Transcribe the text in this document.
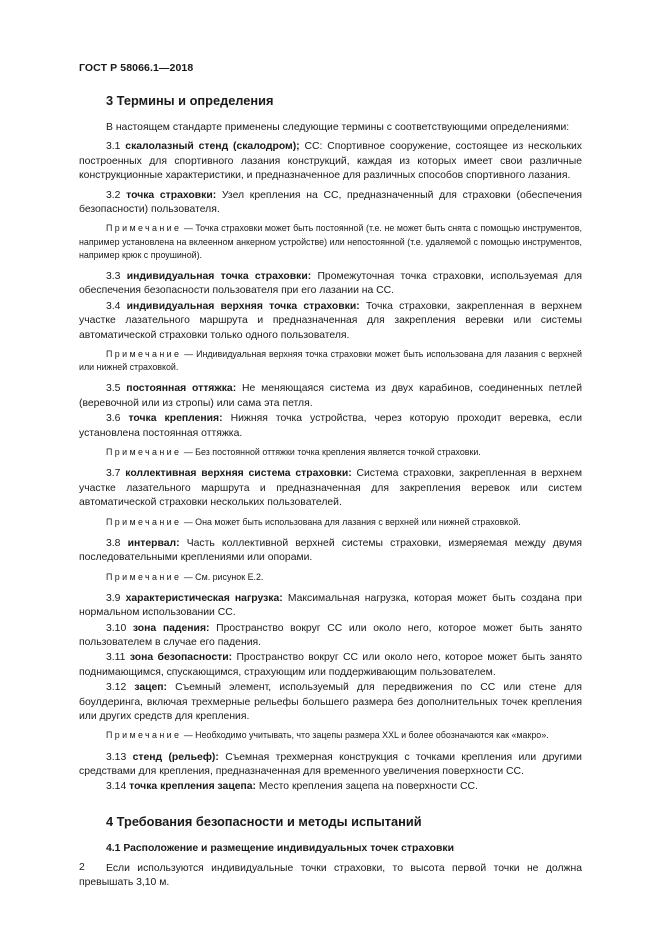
ГОСТ Р 58066.1—2018
3 Термины и определения

В настоящем стандарте применены следующие термины с соответствующими определениями:

3.1 скалолазный стенд (скалодром); СС: Спортивное сооружение, состоящее из нескольких построенных для спортивного лазания конструкций, каждая из которых имеет свои различные конструкционные характеристики, и предназначенное для различных способов спортивного лазания.

3.2 точка страховки: Узел крепления на СС, предназначенный для страховки (обеспечения безопасности) пользователя.

Примечание — Точка страховки может быть постоянной (т.е. не может быть снята с помощью инструментов, например установлена на вклеенном анкерном устройстве) или непостоянной (т.е. удаляемой с помощью инструментов, например крюк с проушиной).

3.3 индивидуальная точка страховки: Промежуточная точка страховки, используемая для обеспечения безопасности пользователя при его лазании на СС.

3.4 индивидуальная верхняя точка страховки: Точка страховки, закрепленная в верхнем участке лазательного маршрута и предназначенная для закрепления веревки или системы автоматической страховки только одного пользователя.

Примечание — Индивидуальная верхняя точка страховки может быть использована для лазания с верхней или нижней страховкой.

3.5 постоянная оттяжка: Не меняющаяся система из двух карабинов, соединенных петлей (веревочной или из стропы) или сама эта петля.

3.6 точка крепления: Нижняя точка устройства, через которую проходит веревка, если установлена постоянная оттяжка.

Примечание — Без постоянной оттяжки точка крепления является точкой страховки.

3.7 коллективная верхняя система страховки: Система страховки, закрепленная в верхнем участке лазательного маршрута и предназначенная для закрепления веревок или систем автоматической страховки нескольких пользователей.

Примечание — Она может быть использована для лазания с верхней или нижней страховкой.

3.8 интервал: Часть коллективной верхней системы страховки, измеряемая между двумя последовательными креплениями или опорами.

Примечание — См. рисунок Е.2.

3.9 характеристическая нагрузка: Максимальная нагрузка, которая может быть создана при нормальном использовании СС.

3.10 зона падения: Пространство вокруг СС или около него, которое может быть занято пользователем в случае его падения.

3.11 зона безопасности: Пространство вокруг СС или около него, которое может быть занято поднимающимся, спускающимся, страхующим или поддерживающим пользователем.

3.12 зацеп: Съемный элемент, используемый для передвижения по СС или стене для боулдеринга, включая трехмерные рельефы большего размера без дополнительных точек крепления или других средств для крепления.

Примечание — Необходимо учитывать, что зацепы размера XXL и более обозначаются как «макро».

3.13 стенд (рельеф): Съемная трехмерная конструкция с точками крепления или другими средствами для крепления, предназначенная для временного увеличения поверхности СС.

3.14 точка крепления зацепа: Место крепления зацепа на поверхности СС.

4 Требования безопасности и методы испытаний
4.1 Расположение и размещение индивидуальных точек страховки

Если используются индивидуальные точки страховки, то высота первой точки не должна превышать 3,10 м.

2
